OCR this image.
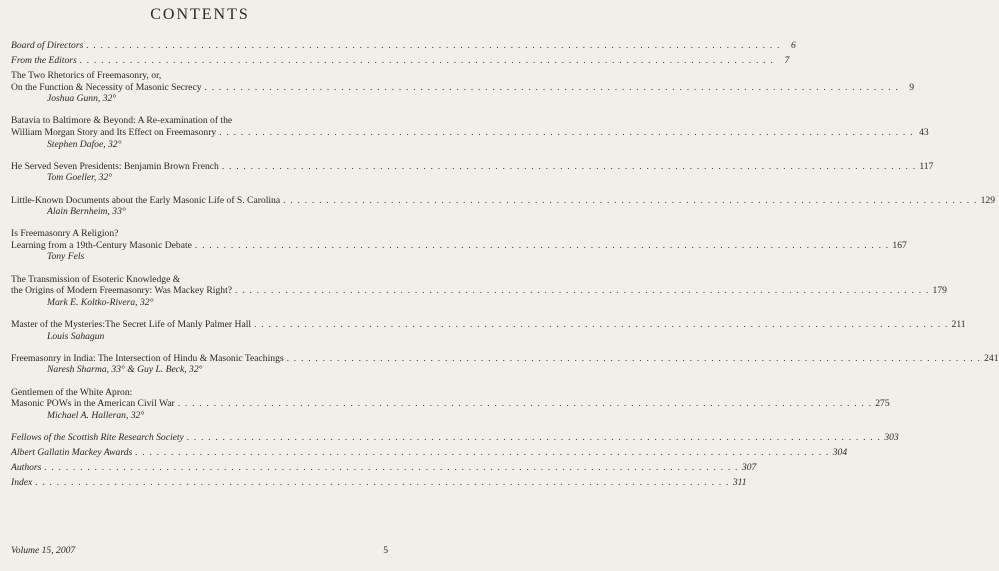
CONTENTS
Board of Directors . . .	6
From the Editors . . .	7
The Two Rhetorics of Freemasonry, or,
On the Function & Necessity of Masonic Secrecy . . .	9
Joshua Gunn, 32°
Batavia to Baltimore & Beyond: A Re-examination of the
William Morgan Story and Its Effect on Freemasonry . . .	43
Stephen Dafoe, 32°
He Served Seven Presidents: Benjamin Brown French . . .	117
Tom Goeller, 32°
Little-Known Documents about the Early Masonic Life of S. Carolina . . .	129
Alain Bernheim, 33°
Is Freemasonry A Religion?
Learning from a 19th-Century Masonic Debate . . .	167
Tony Fels
The Transmission of Esoteric Knowledge &
the Origins of Modern Freemasonry: Was Mackey Right? . . .	179
Mark E. Koltko-Rivera, 32°
Master of the Mysteries:The Secret Life of Manly Palmer Hall . . .	211
Louis Sahagun
Freemasonry in India: The Intersection of Hindu & Masonic Teachings . . .	241
Naresh Sharma, 33° & Guy L. Beck, 32°
Gentlemen of the White Apron:
Masonic POWs in the American Civil War . . .	275
Michael A. Halleran, 32°
Fellows of the Scottish Rite Research Society . . .	303
Albert Gallatin Mackey Awards . . .	304
Authors . . .	307
Index . . .	311
Volume 15, 2007	5
